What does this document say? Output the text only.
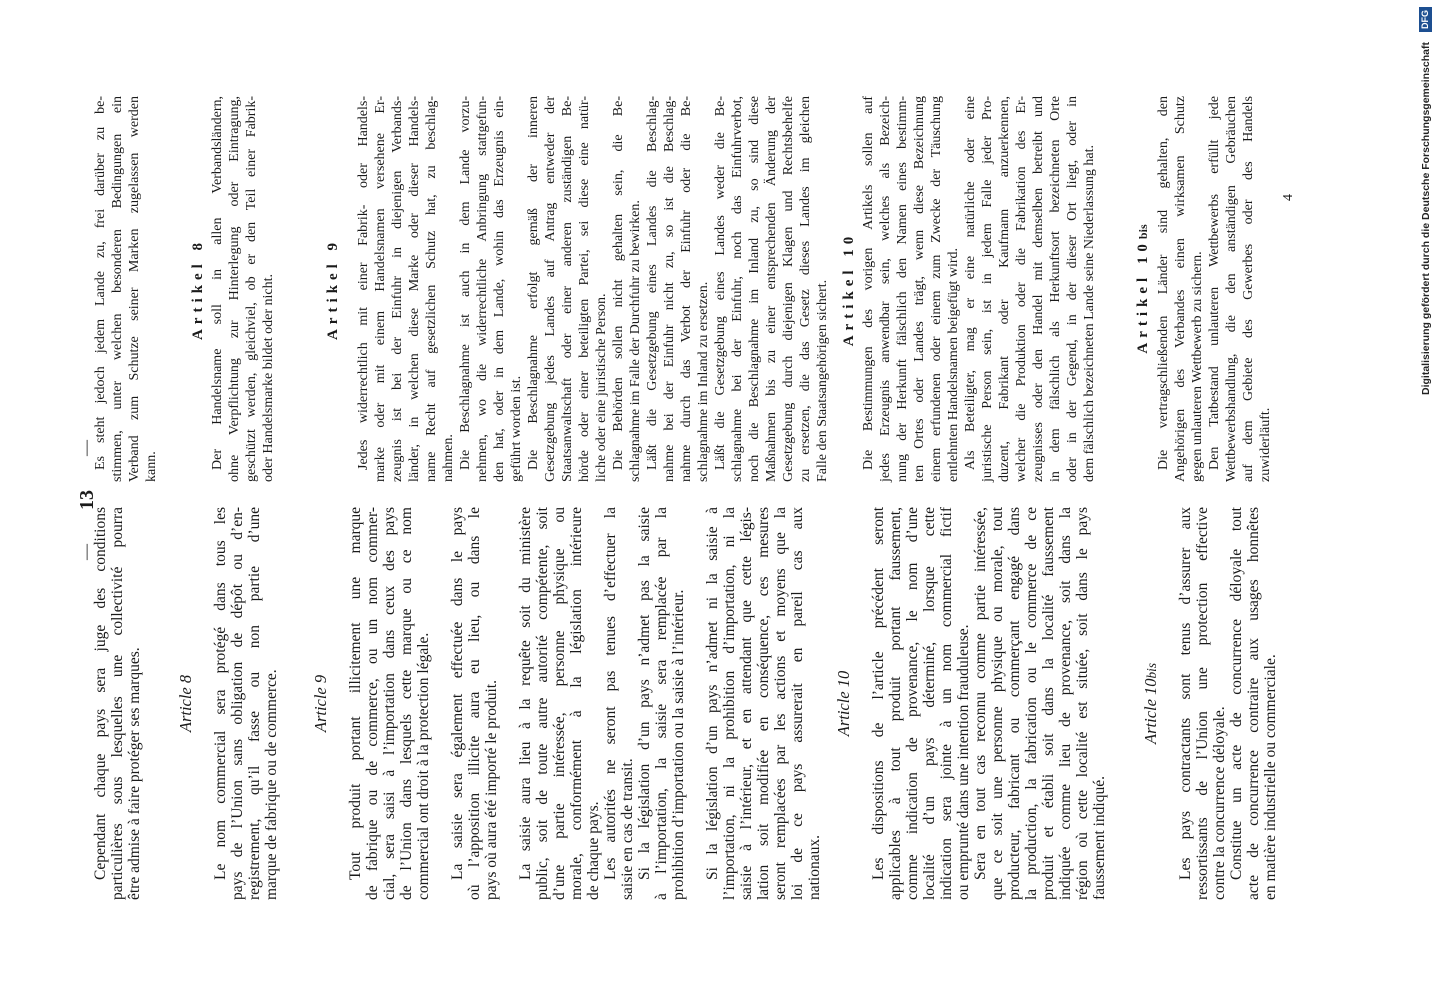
—
13
—
Cependant chaque pays sera juge des conditions particulières sous lesquelles une collectivité pourra être admise à faire protéger ses marques. Article 8 Le nom commercial sera protégé dans tous les pays de l’Union sans obligation de dépôt ou d’en- registrement, qu’il fasse ou non partie d’une marque de fabrique ou de commerce. Article 9 Tout produit portant illicitement une marque de fabrique ou de commerce, ou un nom commer- cial, sera saisi à l’importation dans ceux des pays de l’Union dans lesquels cette marque ou ce nom commercial ont droit à la protection légale. La saisie sera également effectuée dans le pays où l’apposition illicite aura eu lieu, ou dans le pays où aura été importé le produit. La saisie aura lieu à la requête soit du ministère public, soit de toute autre autorité compétente, soit d’une partie intéressée, personne physique ou morale, conformément à la législation intérieure de chaque pays. Les autorités ne seront pas tenues d’effectuer la saisie en cas de transit. Si la législation d’un pays n’admet pas la saisie à l’importation, la saisie sera remplacée par la prohibition d’importation ou la saisie à l’intérieur. Si la législation d’un pays n’admet ni la saisie à l’importation, ni la prohibition d’importation, ni la saisie à l’intérieur, et en attendant que cette légis- lation soit modifiée en conséquence, ces mesures seront remplacées par les actions et moyens que la loi de ce pays assurerait en pareil cas aux nationaux.
Article 10 Les dispositions de l’article précédent seront applicables à tout produit portant faussement, comme indication de provenance, le nom d’une localité d’un pays déterminé, lorsque cette indication sera jointe à un nom commercial fictif ou emprunté dans une intention frauduleuse. Sera en tout cas reconnu comme partie intéressée, que ce soit une personne physique ou morale, tout producteur, fabricant ou commerçant engagé dans la production, la fabrication ou le commerce de ce produit et établi soit dans la localité faussement indiquée comme lieu de provenance, soit dans la région où cette localité est située, soit dans le pays faussement indiqué.
Article 10bis Les pays contractants sont tenus d’assurer aux ressortissants de l’Union une protection effective contre la concurrence déloyale. Constitue un acte de concurrence déloyale tout acte de concurrence contraire aux usages honnêtes en matière industrielle ou commerciale.
Es steht jedoch jedem Lande zu, frei darüber zu be- stimmen, unter welchen besonderen Bedingungen ein Verband zum Schutze seiner Marken zugelassen werden kann.
Artikel 8 Der Handelsname soll in allen Verbandsländern, ohne Verpflichtung zur Hinterlegung oder Eintragung, geschützt werden, gleichviel, ob er den Teil einer Fabrik- oder Handelsmarke bildet oder nicht.	Artikel 9 Jedes widerrechtlich mit einer Fabrik- oder Handels- marke oder mit einem Handelsnamen versehene Er- zeugnis ist bei der Einfuhr in diejenigen Verbands- länder, in welchen diese Marke oder dieser Handels- name Recht auf gesetzlichen Schutz hat, zu beschlag- nahmen. Die Beschlagnahme ist auch in dem Lande vorzu- nehmen, wo die widerrechtliche Anbringung stattgefun- den hat, oder in dem Lande, wohin das Erzeugnis ein- geführt worden ist. Die Beschlagnahme erfolgt gemäß der inneren Gesetzgebung jedes Landes auf Antrag entweder der Staatsanwaltschaft oder einer anderen zuständigen Be- hörde oder einer beteiligten Partei, sei diese eine natür- liche oder eine juristische Person. Die Behörden sollen nicht gehalten sein, die Be- schlagnahme im Falle der Durchfuhr zu bewirken. Läßt die Gesetzgebung eines Landes die Beschlag- nahme bei der Einfuhr nicht zu, so ist die Beschlag- nahme durch das Verbot der Einfuhr oder die Be- schlagnahme im Inland zu ersetzen. Läßt die Gesetzgebung eines Landes weder die Be- schlagnahme bei der Einfuhr, noch das Einfuhrverbot, noch die Beschlagnahme im Inland zu, so sind diese Maßnahmen bis zu einer entsprechenden Änderung der Gesetzgebung durch diejenigen Klagen und Rechtsbehelfe zu ersetzen, die das Gesetz dieses Landes im gleichen Falle den Staatsangehörigen sichert. Artikel 10 Die Bestimmungen des vorigen Artikels sollen auf jedes Erzeugnis anwendbar sein, welches als Bezeich- nung der Herkunft fälschlich den Namen eines bestimm- ten Ortes oder Landes trägt, wenn diese Bezeichnung einem erfundenen oder einem zum Zwecke der Täuschung entlehnten Handelsnamen beigefügt wird. Als Beteiligter, mag er eine natürliche oder eine juristische Person sein, ist in jedem Falle jeder Pro- duzent, Fabrikant oder Kaufmann anzuerkennen, welcher die Produktion oder die Fabrikation des Er- zeugnisses oder den Handel mit demselben betreibt und in dem fälschlich als Herkunftsort bezeichneten Orte oder in der Gegend, in der dieser Ort liegt, oder in dem fälschlich bezeichneten Lande seine Niederlassung hat.	Artikel 10bis Die vertragschließenden Länder sind gehalten, den Angehörigen des Verbandes einen wirksamen Schutz gegen unlauteren Wettbewerb zu sichern. Den Tatbestand unlauteren Wettbewerbs erfüllt jede Wettbewerbshandlung, die den anständigen Gebräuchen auf dem Gebiete des Gewerbes oder des Handels zuwiderläuft.
4	Digitalisierung gefördert durch die Deutsche Forschungsgemeinschaft
DFG
